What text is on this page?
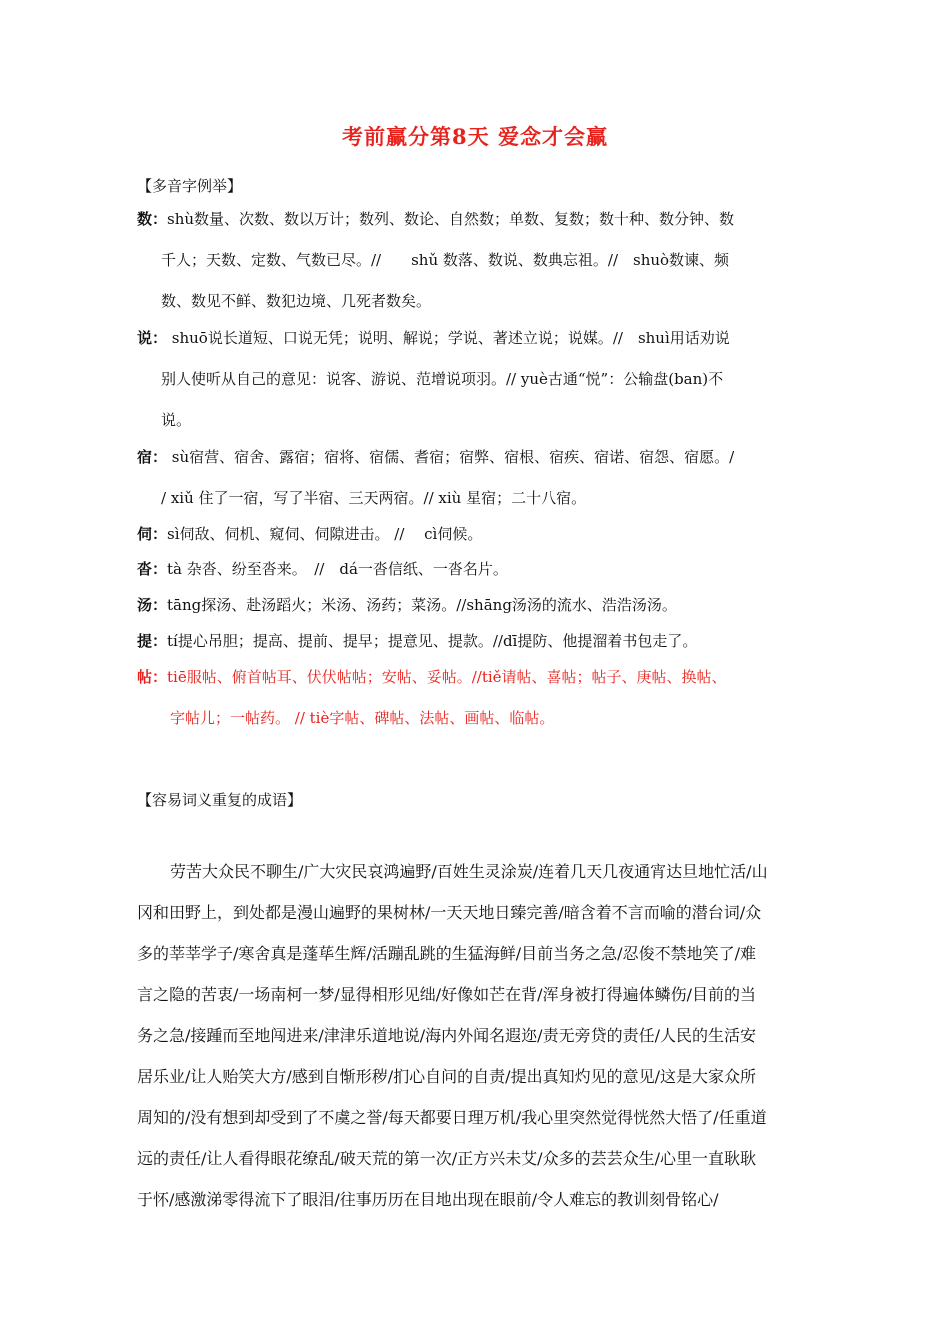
考前赢分第8天 爱念才会赢
【多音字例举】
数：shù数量、次数、数以万计；数列、数论、自然数；单数、复数；数十种、数分钟、数
千人；天数、定数、气数已尽。//　　shǔ 数落、数说、数典忘祖。//　shuò数谏、频
数、数见不鲜、数犯边境、几死者数矣。
说： shuō说长道短、口说无凭；说明、解说；学说、著述立说；说媒。//　shuì用话劝说
别人使听从自己的意见：说客、游说、范增说项羽。// yuè古通“悦”：公输盘(ban)不
说。
宿： sù宿营、宿舍、露宿；宿将、宿儒、耆宿；宿弊、宿根、宿疾、宿诺、宿怨、宿愿。/
/ xiǔ 住了一宿，写了半宿、三天两宿。// xiù 星宿；二十八宿。
伺：sì伺敌、伺机、窥伺、伺隙进击。 //　 cì伺候。
沓：tà 杂沓、纷至沓来。　//　dá一沓信纸、一沓名片。
汤：tāng探汤、赴汤蹈火；米汤、汤药；菜汤。//shāng汤汤的流水、浩浩汤汤。
提：tí提心吊胆；提高、提前、提早；提意见、提款。//dī提防、他提溜着书包走了。
帖：tiē服帖、俯首帖耳、伏伏帖帖；安帖、妥帖。//tiě请帖、喜帖；帖子、庚帖、换帖、
字帖儿；一帖药。 // tiè字帖、碑帖、法帖、画帖、临帖。
【容易词义重复的成语】
劳苦大众民不聊生/广大灾民哀鸿遍野/百姓生灵涂炭/连着几天几夜通宵达旦地忙活/山
冈和田野上，到处都是漫山遍野的果树林/一天天地日臻完善/暗含着不言而喻的潜台词/众
多的莘莘学子/寒舍真是蓬荜生辉/活蹦乱跳的生猛海鲜/目前当务之急/忍俊不禁地笑了/难
言之隐的苦衷/一场南柯一梦/显得相形见绌/好像如芒在背/浑身被打得遍体鳞伤/目前的当
务之急/接踵而至地闯进来/津津乐道地说/海内外闻名遐迩/责无旁贷的责任/人民的生活安
居乐业/让人贻笑大方/感到自惭形秽/扪心自问的自责/提出真知灼见的意见/这是大家众所
周知的/没有想到却受到了不虞之誉/每天都要日理万机/我心里突然觉得恍然大悟了/任重道
远的责任/让人看得眼花缭乱/破天荒的第一次/正方兴未艾/众多的芸芸众生/心里一直耿耿
于怀/感激涕零得流下了眼泪/往事历历在目地出现在眼前/令人难忘的教训刻骨铭心/
